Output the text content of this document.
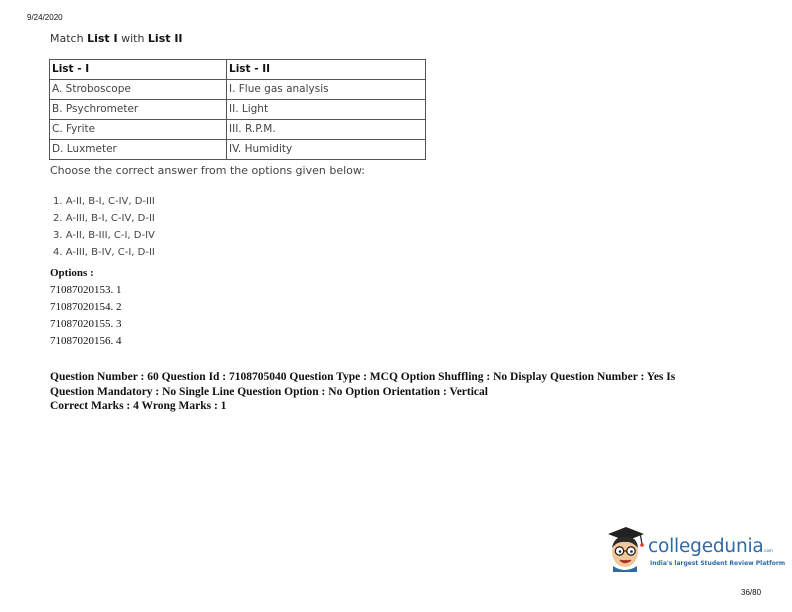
9/24/2020
Match List I with List II
List - I	List - II
A. Stroboscope	I. Flue gas analysis
B. Psychrometer	II. Light
C. Fyrite	III. R.P.M.
D. Luxmeter	IV. Humidity
Choose the correct answer from the options given below:
1. A-II, B-I, C-IV, D-III
2. A-III, B-I, C-IV, D-II
3. A-II, B-III, C-I, D-IV
4. A-III, B-IV, C-I, D-II
Options :
71087020153. 1
71087020154. 2
71087020155. 3
71087020156. 4
Question Number : 60 Question Id : 7108705040 Question Type : MCQ Option Shuffling : No Display Question Number : Yes Is
Question Mandatory : No Single Line Question Option : No Option Orientation : Vertical
Correct Marks : 4 Wrong Marks : 1
collegedunia .com
India's largest Student Review Platform
36/80
